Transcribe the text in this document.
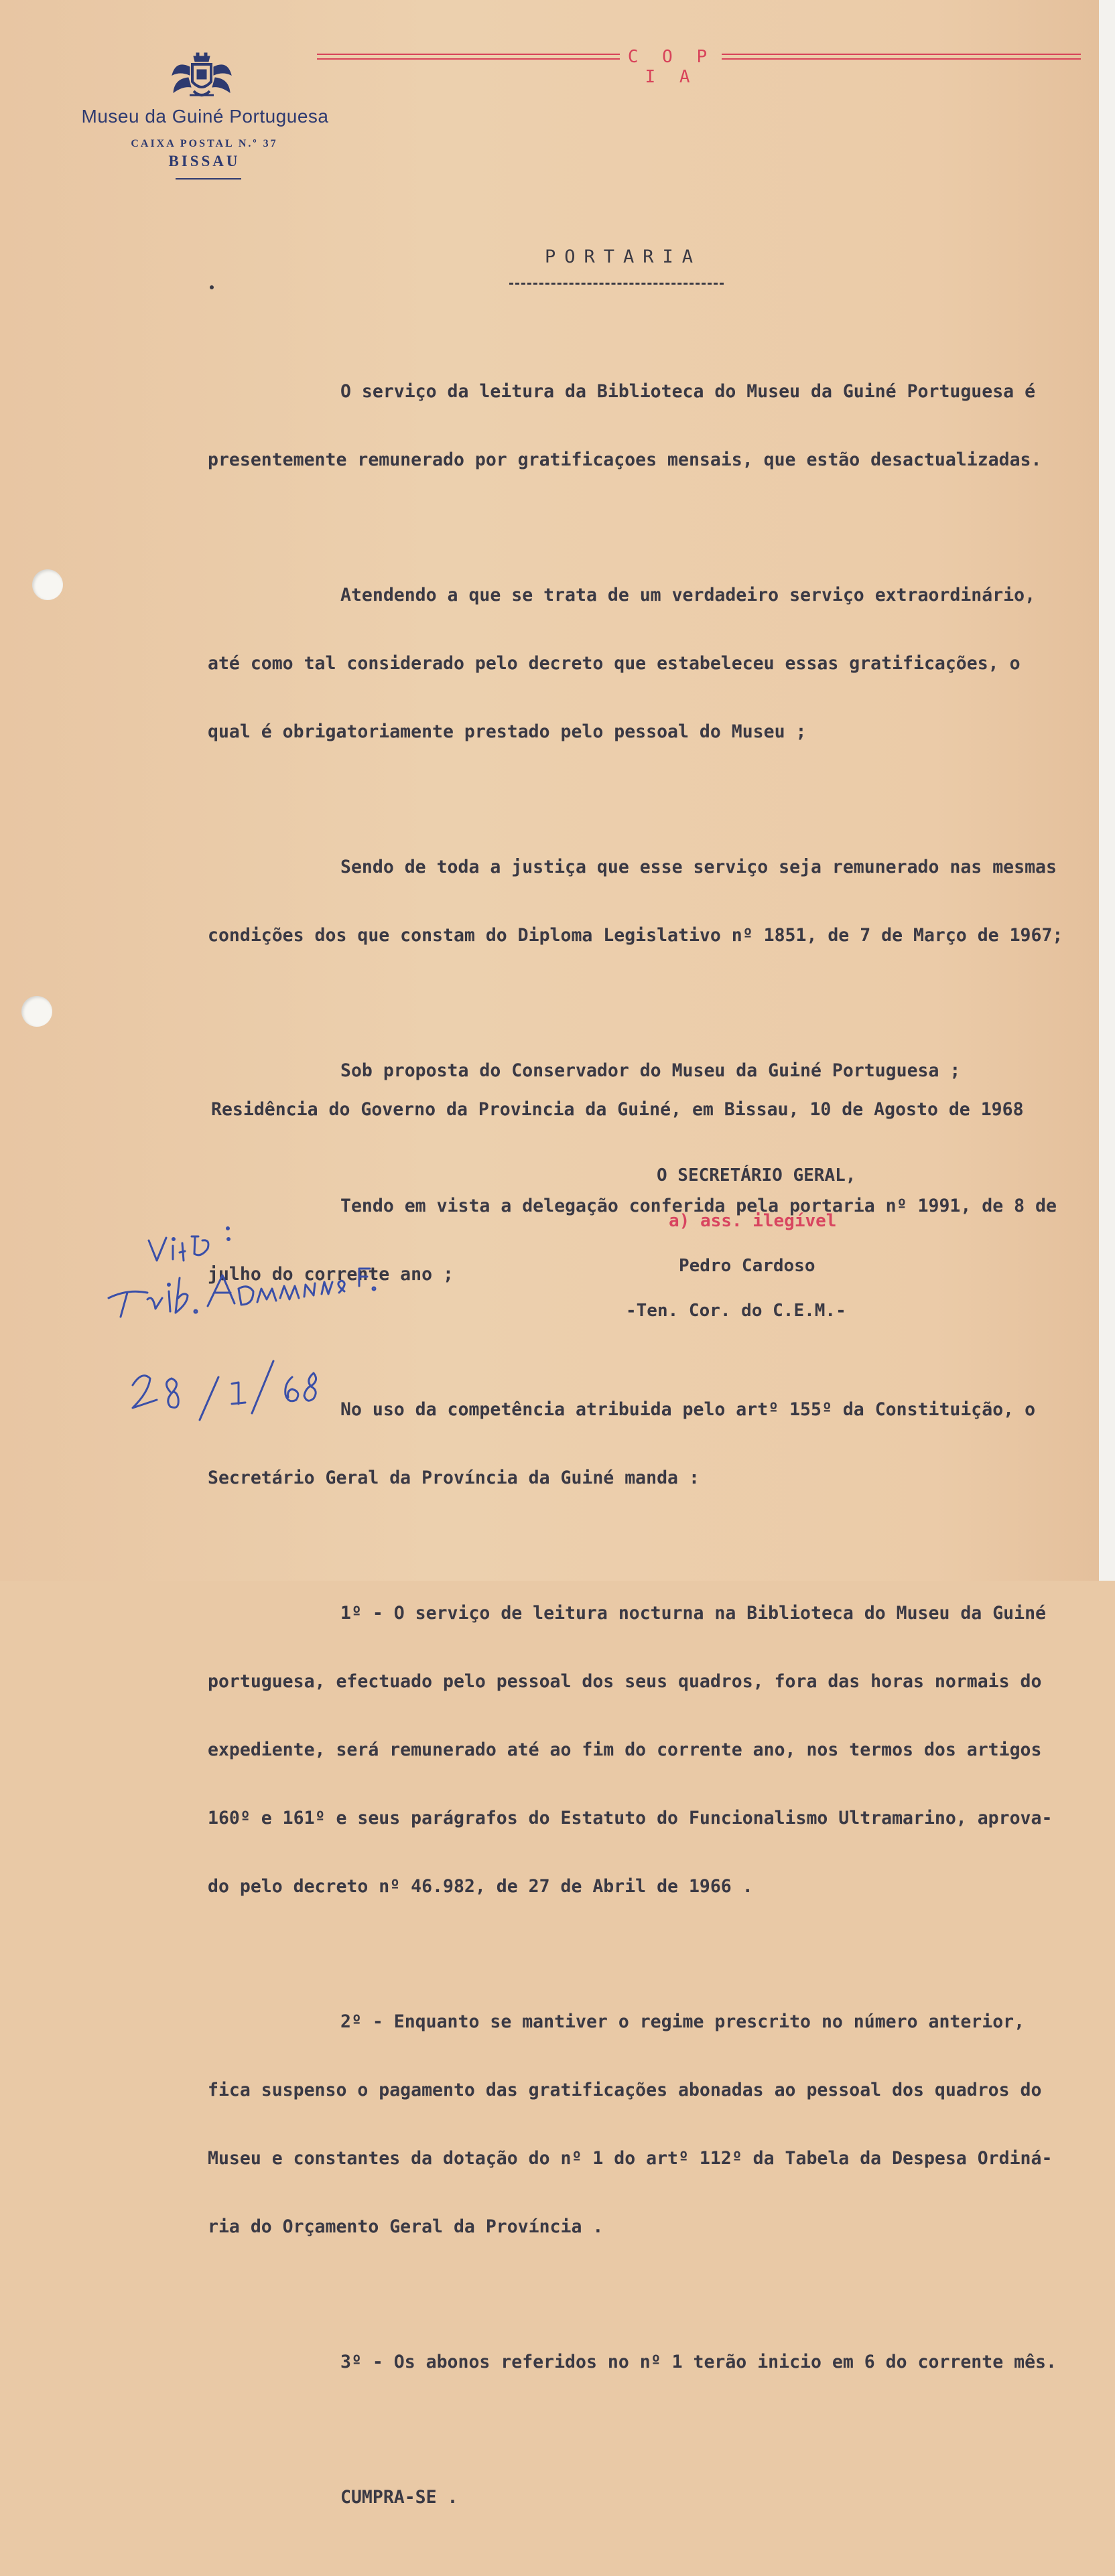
C O P I A
Museu da Guiné Portuguesa
CAIXA POSTAL N.º 37
BISSAU
PORTARIA

O serviço da leitura da Biblioteca do Museu da Guiné Portuguesa é

presentemente remunerado por gratificaçoes mensais, que estão desactualizadas.

Atendendo a que se trata de um verdadeiro serviço extraordinário,

até como tal considerado pelo decreto que estabeleceu essas gratificações, o

qual é obrigatoriamente prestado pelo pessoal do Museu ;

Sendo de toda a justiça que esse serviço seja remunerado nas mesmas

condições dos que constam do Diploma Legislativo nº 1851, de 7 de Março de 1967;

Sob proposta do Conservador do Museu da Guiné Portuguesa ;

Tendo em vista a delegação conferida pela portaria nº 1991, de 8 de

julho do corrente ano ;

No uso da competência atribuida pelo artº 155º da Constituição, o

Secretário Geral da Província da Guiné manda :

1º - O serviço de leitura nocturna na Biblioteca do Museu da Guiné

portuguesa, efectuado pelo pessoal dos seus quadros, fora das horas normais do

expediente, será remunerado até ao fim do corrente ano, nos termos dos artigos

160º e 161º e seus parágrafos do Estatuto do Funcionalismo Ultramarino, aprova-

do pelo decreto nº 46.982, de 27 de Abril de 1966 .

2º - Enquanto se mantiver o regime prescrito no número anterior,

fica suspenso o pagamento das gratificações abonadas ao pessoal dos quadros do

Museu e constantes da dotação do nº 1 do artº 112º da Tabela da Despesa Ordiná-

ria do Orçamento Geral da Província .

3º - Os abonos referidos no nº 1 terão inicio em 6 do corrente mês.

CUMPRA-SE .

Residência do Governo da Provincia da Guiné, em Bissau, 10 de Agosto de 1968
O SECRETÁRIO GERAL,
a) ass. ilegível
Pedro Cardoso
-Ten. Cor. do C.E.M.-
